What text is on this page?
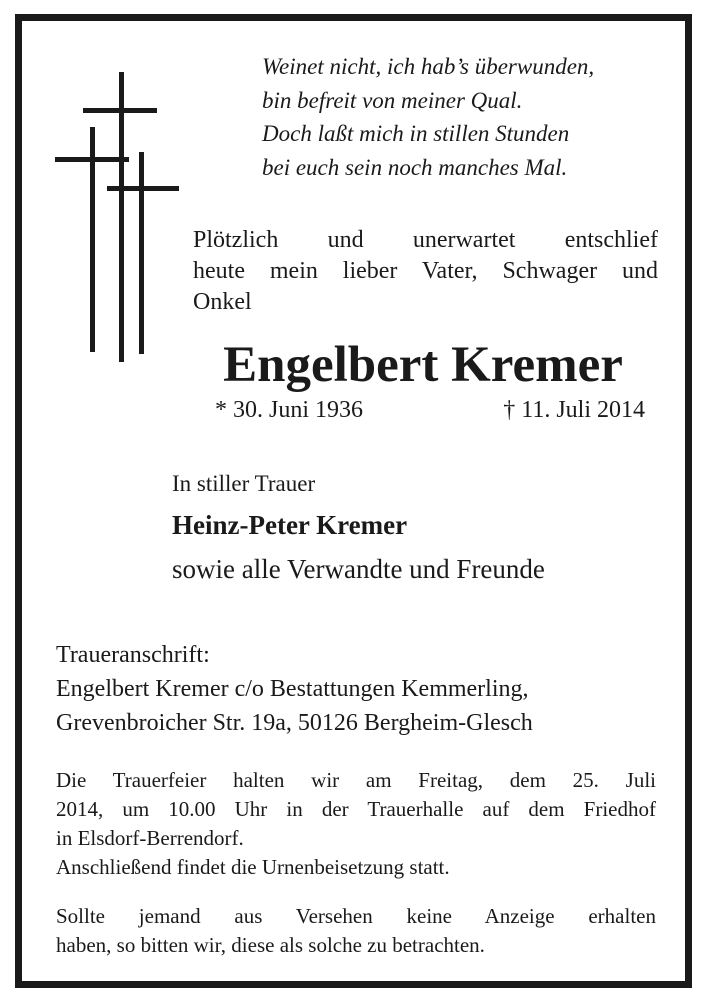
Weinet nicht, ich hab’s überwunden,
bin befreit von meiner Qual.
Doch laßt mich in stillen Stunden
bei euch sein noch manches Mal.
Plötzlich und unerwartet entschlief
heute mein lieber Vater, Schwager und
Onkel
Engelbert Kremer
* 30. Juni 1936	† 11. Juli 2014
In stiller Trauer
Heinz-Peter Kremer
sowie alle Verwandte und Freunde
Traueranschrift:
Engelbert Kremer c/o Bestattungen Kemmerling,
Grevenbroicher Str. 19a, 50126 Bergheim-Glesch
Die Trauerfeier halten wir am Freitag, dem 25. Juli
2014, um 10.00 Uhr in der Trauerhalle auf dem Friedhof
in Elsdorf-Berrendorf.
Anschließend findet die Urnenbeisetzung statt.
Sollte jemand aus Versehen keine Anzeige erhalten
haben, so bitten wir, diese als solche zu betrachten.
